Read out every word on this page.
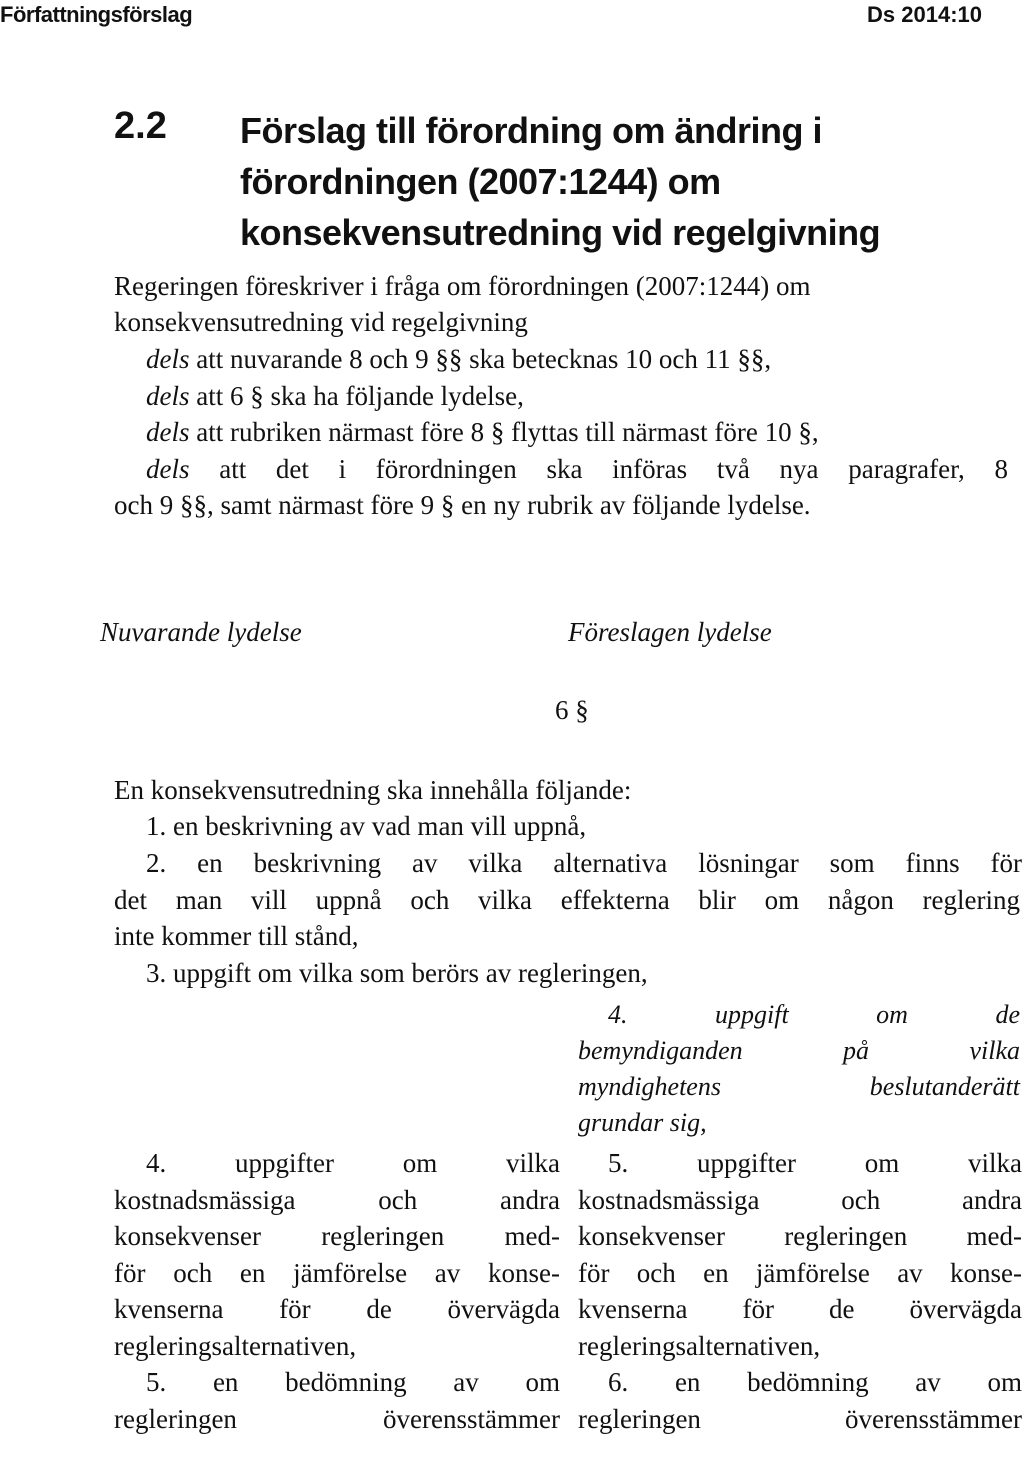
Författningsförslag	Ds 2014:10
2.2 Förslag till förordning om ändring i
förordningen (2007:1244) om
konsekvensutredning vid regelgivning
Regeringen föreskriver i fråga om förordningen (2007:1244) om
konsekvensutredning vid regelgivning
dels att nuvarande 8 och 9 §§ ska betecknas 10 och 11 §§,
dels att 6 § ska ha följande lydelse,
dels att rubriken närmast före 8 § flyttas till närmast före 10 §,
dels att det i förordningen ska införas två nya paragrafer, 8
och 9 §§, samt närmast före 9 § en ny rubrik av följande lydelse.
Nuvarande lydelse	Föreslagen lydelse
6 §
En konsekvensutredning ska innehålla följande:
1. en beskrivning av vad man vill uppnå,
2. en beskrivning av vilka alternativa lösningar som finns för
det man vill uppnå och vilka effekterna blir om någon reglering
inte kommer till stånd,
3. uppgift om vilka som berörs av regleringen,
4. uppgift om de
bemyndiganden på vilka
myndighetens beslutanderätt
grundar sig,
4. uppgifter om vilka
kostnadsmässiga och andra
konsekvenser regleringen med-
för och en jämförelse av konse-
kvenserna för de övervägda
regleringsalternativen,
5. en bedömning av om
regleringen överensstämmer
5. uppgifter om vilka
kostnadsmässiga och andra
konsekvenser regleringen med-
för och en jämförelse av konse-
kvenserna för de övervägda
regleringsalternativen,
6. en bedömning av om
regleringen överensstämmer
